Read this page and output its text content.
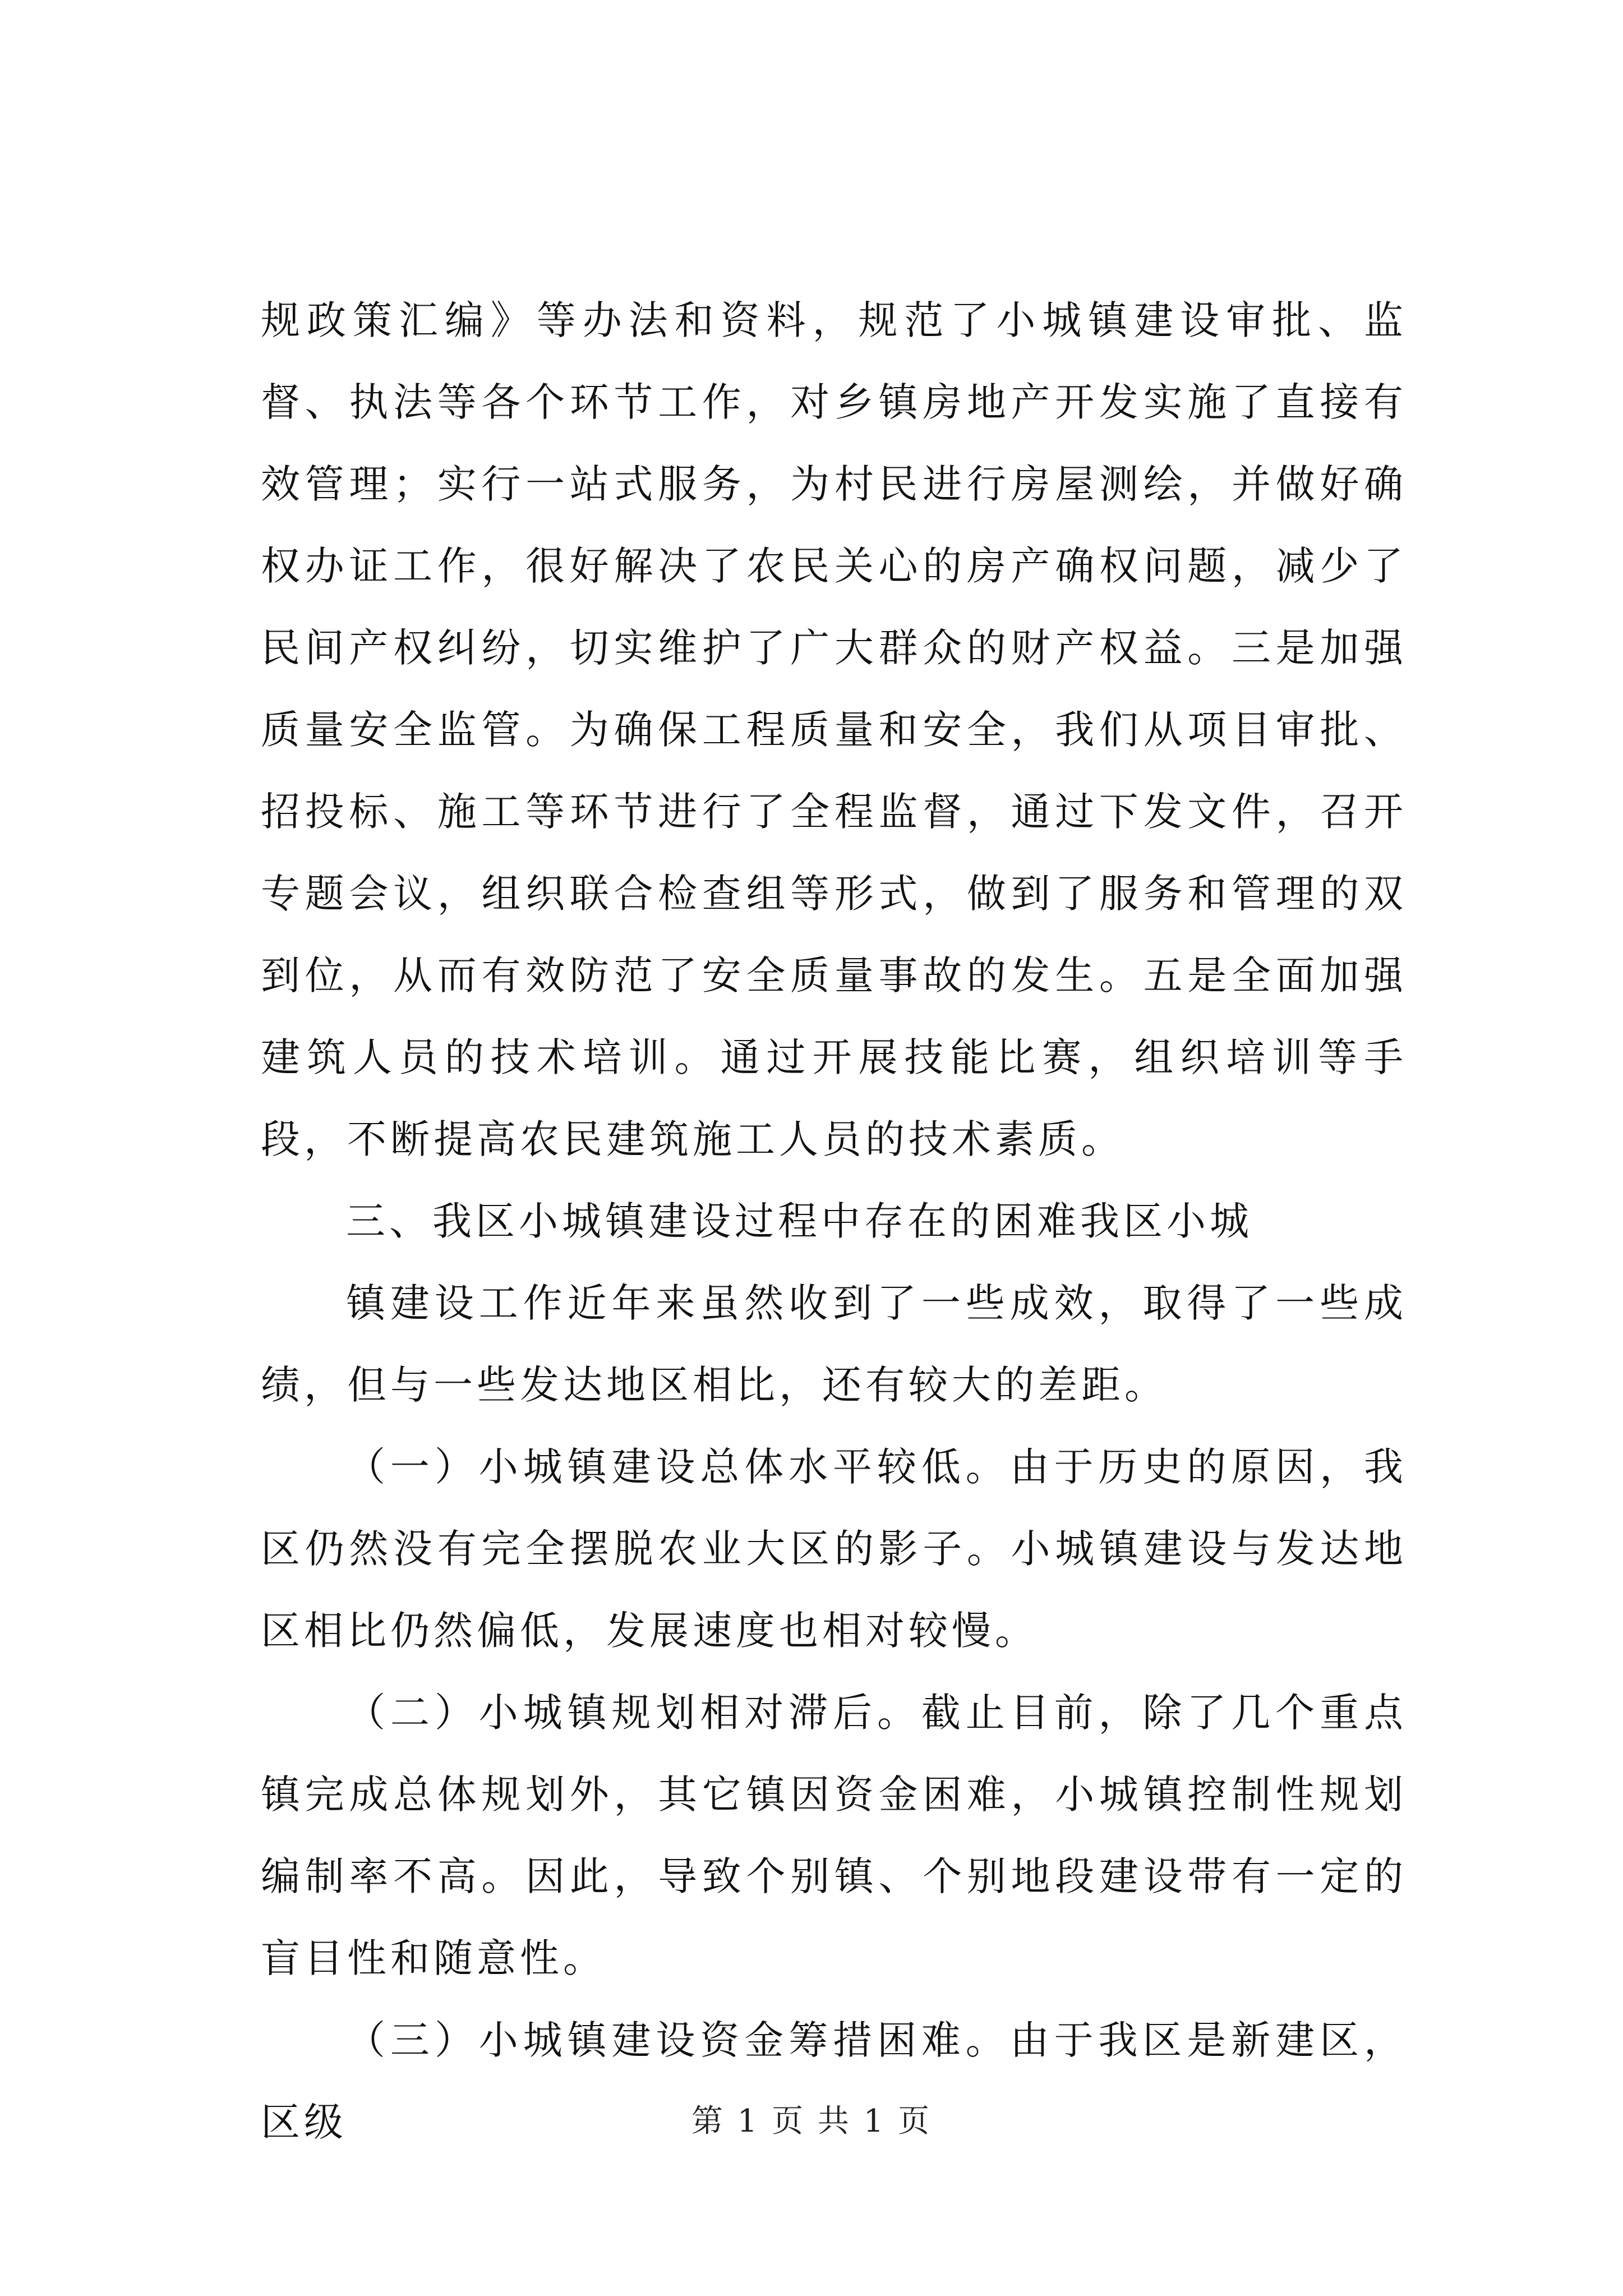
规政策汇编》等办法和资料，规范了小城镇建设审批、监督、执法等各个环节工作，对乡镇房地产开发实施了直接有效管理；实行一站式服务，为村民进行房屋测绘，并做好确权办证工作，很好解决了农民关心的房产确权问题，减少了民间产权纠纷，切实维护了广大群众的财产权益。三是加强质量安全监管。为确保工程质量和安全，我们从项目审批、招投标、施工等环节进行了全程监督，通过下发文件，召开专题会议，组织联合检查组等形式，做到了服务和管理的双到位，从而有效防范了安全质量事故的发生。五是全面加强建筑人员的技术培训。通过开展技能比赛，组织培训等手段，不断提高农民建筑施工人员的技术素质。

三、我区小城镇建设过程中存在的困难我区小城

镇建设工作近年来虽然收到了一些成效，取得了一些成绩，但与一些发达地区相比，还有较大的差距。

（一）小城镇建设总体水平较低。由于历史的原因，我区仍然没有完全摆脱农业大区的影子。小城镇建设与发达地区相比仍然偏低，发展速度也相对较慢。

（二）小城镇规划相对滞后。截止目前，除了几个重点镇完成总体规划外，其它镇因资金困难，小城镇控制性规划编制率不高。因此，导致个别镇、个别地段建设带有一定的盲目性和随意性。

（三）小城镇建设资金筹措困难。由于我区是新建区，区级	第 1 页 共 1 页
